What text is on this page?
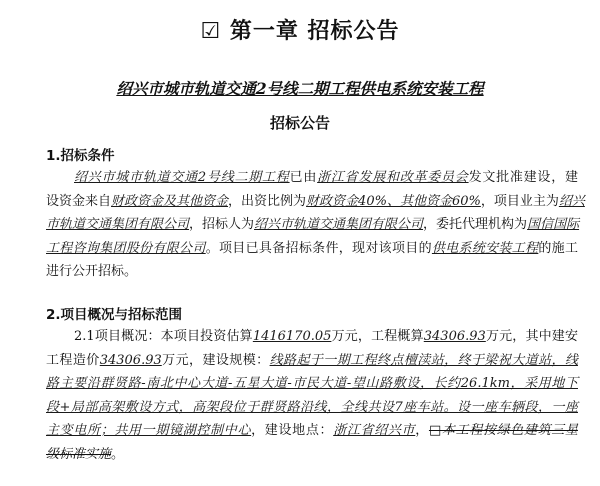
☑ 第一章 招标公告
绍兴市城市轨道交通2号线二期工程供电系统安装工程
招标公告
1.招标条件
绍兴市城市轨道交通2号线二期工程已由浙江省发展和改革委员会发文批准建设，建
设资金来自财政资金及其他资金，出资比例为财政资金40%、其他资金60%，项目业主为绍兴
市轨道交通集团有限公司，招标人为绍兴市轨道交通集团有限公司，委托代理机构为国信国际
工程咨询集团股份有限公司。项目已具备招标条件，现对该项目的供电系统安装工程的施工
进行公开招标。
2.项目概况与招标范围
2.1项目概况：本项目投资估算1416170.05万元，工程概算34306.93万元，其中建安
工程造价34306.93万元，建设规模：线路起于一期工程终点檀渎站，终于梁祝大道站，线
路主要沿群贤路-南北中心大道-五星大道-市民大道-望山路敷设，长约26.1km，采用地下
段+局部高架敷设方式，高架段位于群贤路沿线，全线共设7座车站。设一座车辆段，一座
主变电所；共用一期镜湖控制中心，建设地点：浙江省绍兴市，□本工程按绿色建筑三星
级标准实施。
